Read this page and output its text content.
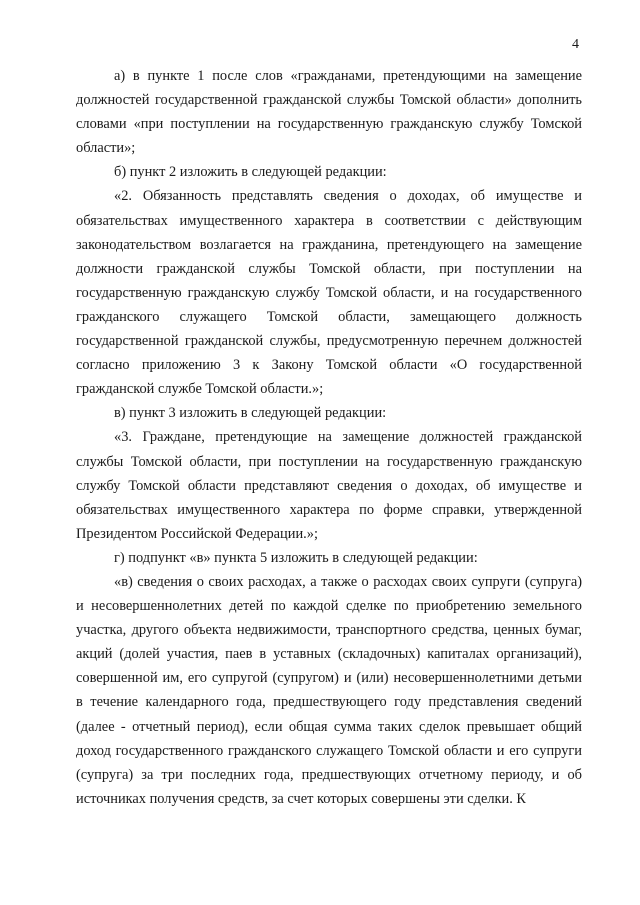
4

а) в пункте 1 после слов «гражданами, претендующими на замещение должностей государственной гражданской службы Томской области» дополнить словами «при поступлении на государственную гражданскую службу Томской области»;

б) пункт 2 изложить в следующей редакции:

«2. Обязанность представлять сведения о доходах, об имуществе и обязательствах имущественного характера в соответствии с действующим законодательством возлагается на гражданина, претендующего на замещение должности гражданской службы Томской области, при поступлении на государственную гражданскую службу Томской области, и на государственного гражданского служащего Томской области, замещающего должность государственной гражданской службы, предусмотренную перечнем должностей согласно приложению 3 к Закону Томской области «О государственной гражданской службе Томской области.»;

в) пункт 3 изложить в следующей редакции:

«3. Граждане, претендующие на замещение должностей гражданской службы Томской области, при поступлении на государственную гражданскую службу Томской области представляют сведения о доходах, об имуществе и обязательствах имущественного характера по форме справки, утвержденной Президентом Российской Федерации.»;

г) подпункт «в» пункта 5 изложить в следующей редакции:

«в) сведения о своих расходах, а также о расходах своих супруги (супруга) и несовершеннолетних детей по каждой сделке по приобретению земельного участка, другого объекта недвижимости, транспортного средства, ценных бумаг, акций (долей участия, паев в уставных (складочных) капиталах организаций), совершенной им, его супругой (супругом) и (или) несовершеннолетними детьми в течение календарного года, предшествующего году представления сведений (далее - отчетный период), если общая сумма таких сделок превышает общий доход государственного гражданского служащего Томской области и его супруги (супруга) за три последних года, предшествующих отчетному периоду, и об источниках получения средств, за счет которых совершены эти сделки. К
